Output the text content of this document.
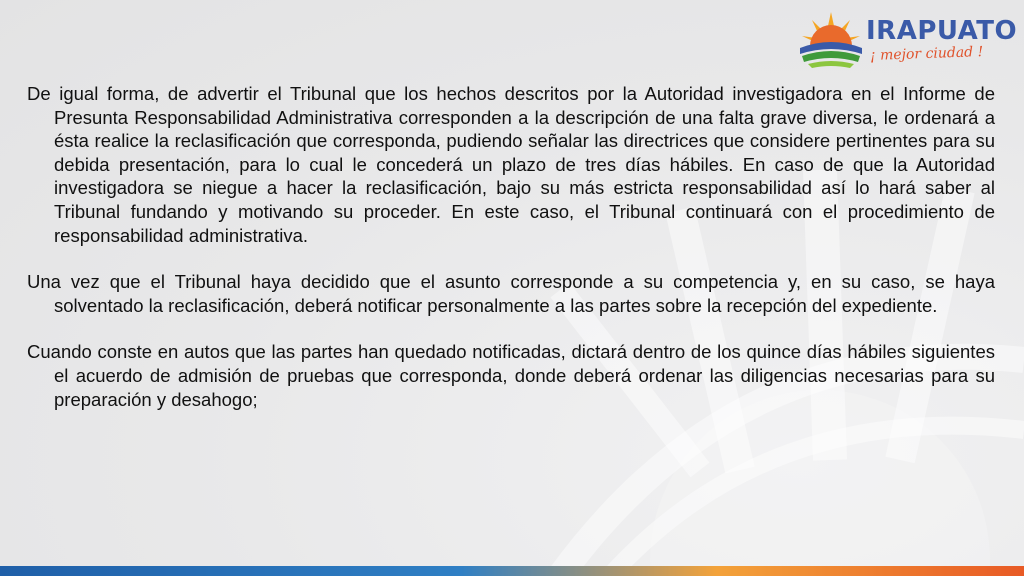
IRAPUATO
¡ mejor ciudad !

De igual forma, de advertir el Tribunal que los hechos descritos por la Autoridad investigadora en el Informe de Presunta Responsabilidad Administrativa corresponden a la descripción de una falta grave diversa, le ordenará a ésta realice la reclasificación que corresponda, pudiendo señalar las directrices que considere pertinentes para su debida presentación, para lo cual le concederá un plazo de tres días hábiles. En caso de que la Autoridad investigadora se niegue a hacer la reclasificación, bajo su más estricta responsabilidad así lo hará saber al Tribunal fundando y motivando su proceder. En este caso, el Tribunal continuará con el procedimiento de responsabilidad administrativa.

Una vez que el Tribunal haya decidido que el asunto corresponde a su competencia y, en su caso, se haya solventado la reclasificación, deberá notificar personalmente a las partes sobre la recepción del expediente.

Cuando conste en autos que las partes han quedado notificadas, dictará dentro de los quince días hábiles siguientes el acuerdo de admisión de pruebas que corresponda, donde deberá ordenar las diligencias necesarias para su preparación y desahogo;
